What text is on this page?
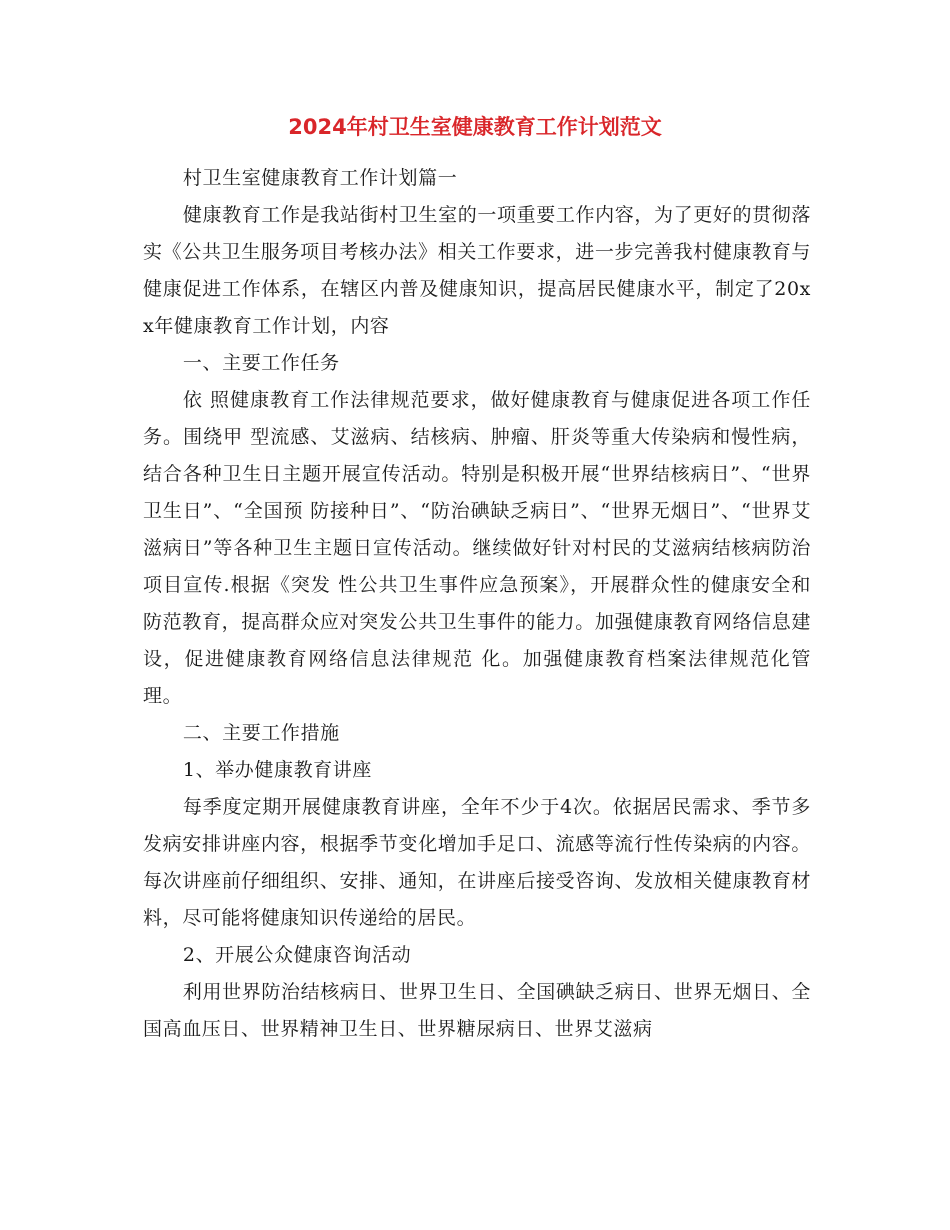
2024年村卫生室健康教育工作计划范文

村卫生室健康教育工作计划篇一

健康教育工作是我站街村卫生室的一项重要工作内容，为了更好的贯彻落实《公共卫生服务项目考核办法》相关工作要求，进一步完善我村健康教育与健康促进工作体系，在辖区内普及健康知识，提高居民健康水平，制定了20xx年健康教育工作计划，内容

一、主要工作任务

依 照健康教育工作法律规范要求，做好健康教育与健康促进各项工作任务。围绕甲 型流感、艾滋病、结核病、肿瘤、肝炎等重大传染病和慢性病，结合各种卫生日主题开展宣传活动。特别是积极开展“世界结核病日”、“世界卫生日”、“全国预 防接种日”、“防治碘缺乏病日”、“世界无烟日”、“世界艾滋病日”等各种卫生主题日宣传活动。继续做好针对村民的艾滋病结核病防治项目宣传.根据《突发 性公共卫生事件应急预案》，开展群众性的健康安全和防范教育，提高群众应对突发公共卫生事件的能力。加强健康教育网络信息建设，促进健康教育网络信息法律规范 化。加强健康教育档案法律规范化管理。

二、主要工作措施

1、举办健康教育讲座

每季度定期开展健康教育讲座，全年不少于4次。依据居民需求、季节多发病安排讲座内容，根据季节变化增加手足口、流感等流行性传染病的内容。每次讲座前仔细组织、安排、通知，在讲座后接受咨询、发放相关健康教育材料，尽可能将健康知识传递给的居民。

2、开展公众健康咨询活动

利用世界防治结核病日、世界卫生日、全国碘缺乏病日、世界无烟日、全国高血压日、世界精神卫生日、世界糖尿病日、世界艾滋病
